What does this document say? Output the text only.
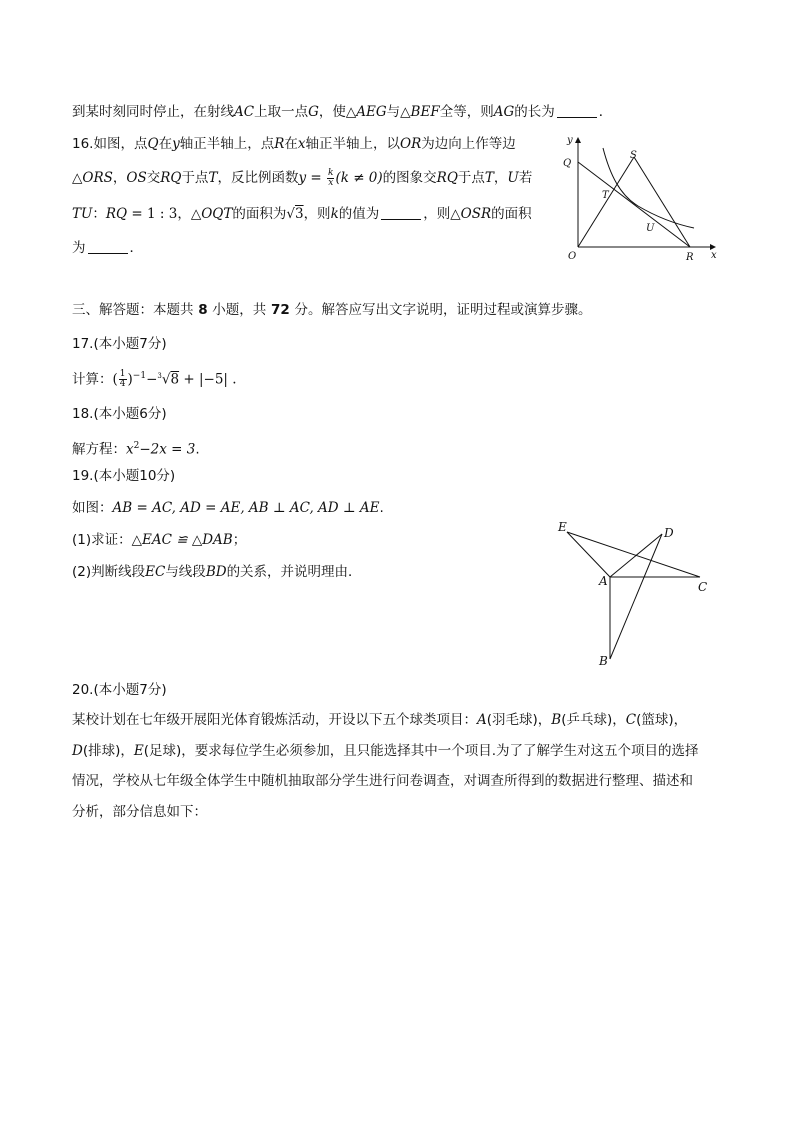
到某时刻同时停止，在射线AC上取一点G，使△AEG与△BEF全等，则AG的长为	．
16.如图，点Q在y轴正半轴上，点R在x轴正半轴上，以OR为边向上作等边
△ORS，OS交RQ于点T，反比例函数$y = \frac{k}{x} (k \ne 0)$的图象交RQ于点T，U若
TU：RQ = 1 : 3，△OQT的面积为√3，则k的值为	，则△OSR的面积
为	．
y
Q
S
T
U
O	R x
三、解答题：本题共 8 小题，共 72 分。解答应写出文字说明，证明过程或演算步骤。
17.(本小题7分)
计算：( $\frac{1}{4} )^{-1}-^3√8 + |-5|$ .
18.(本小题6分)
解方程：$x^2-2x = 3$.
19.(本小题10分)
如图：AB = AC, AD = AE, AB ⊥ AC, AD ⊥ AE.
(1)求证：△EAC ≌ △DAB；
(2)判断线段EC与线段BD的关系，并说明理由．
E	D
A	C
B
20.(本小题7分)
某校计划在七年级开展阳光体育锻炼活动，开设以下五个球类项目：A(羽毛球)，B(乒乓球)，C(篮球)，
D(排球)，E(足球)，要求每位学生必须参加，且只能选择其中一个项目.为了了解学生对这五个项目的选择
情况，学校从七年级全体学生中随机抽取部分学生进行问卷调查，对调查所得到的数据进行整理、描述和
分析，部分信息如下：
